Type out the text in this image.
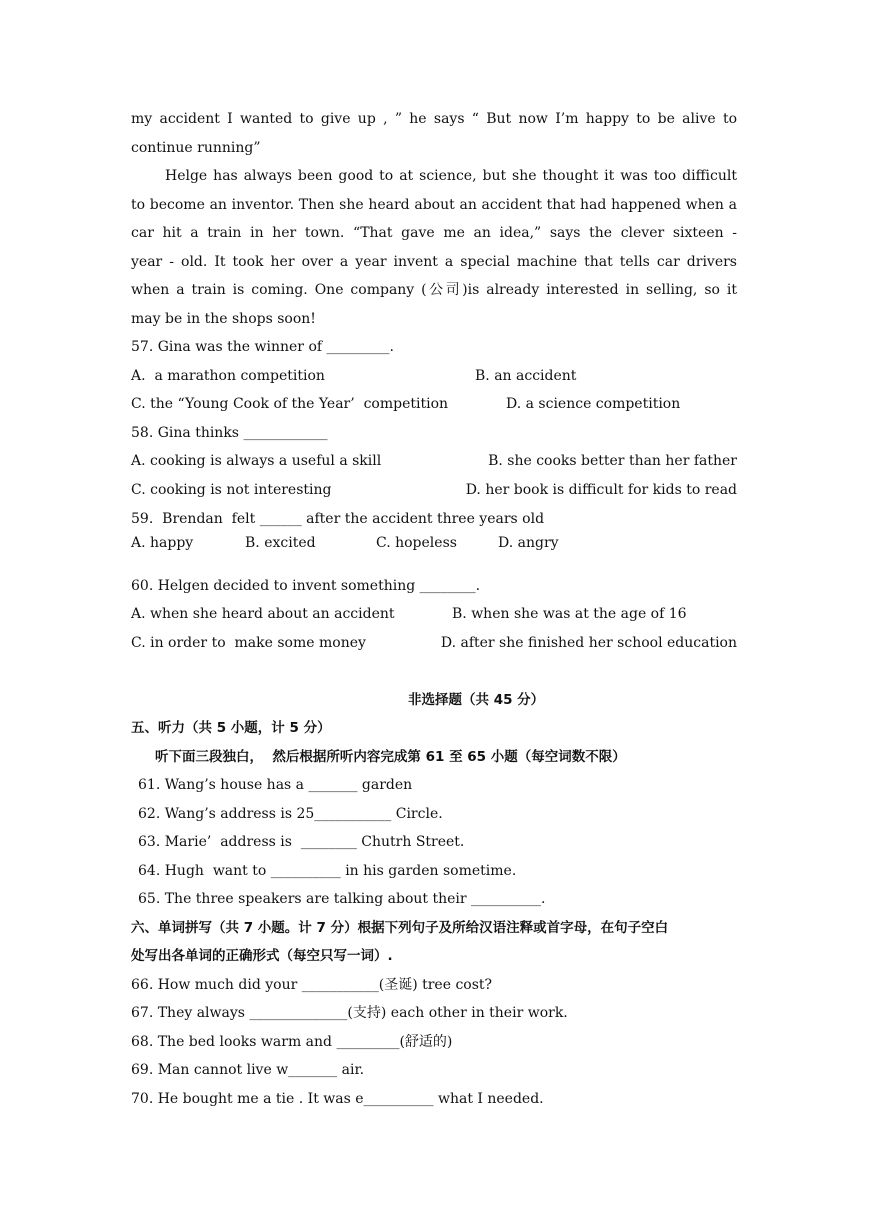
my accident I wanted to give up , ” he says “ But now I’m happy to be alive to
continue running”
Helge has always been good to at science, but she thought it was too difficult
to become an inventor. Then she heard about an accident that had happened when a
car hit a train in her town. “That gave me an idea,” says the clever sixteen -
year - old. It took her over a year invent a special machine that tells car drivers
when a train is coming. One company (公司)is already interested in selling, so it
may be in the shops soon!
57. Gina was the winner of _________.
A.  a marathon competition	B. an accident
C. the “Young Cook of the Year’  competition	D. a science competition
58. Gina thinks ____________
A. cooking is always a useful a skill	B. she cooks better than her father
C. cooking is not interesting	D. her book is difficult for kids to read
59.  Brendan  felt ______ after the accident three years old
A. happy	B. excited	C. hopeless	D. angry
60. Helgen decided to invent something ________.
A. when she heard about an accident	B. when she was at the age of 16
C. in order to  make some money	D. after she finished her school education
非选择题（共 45 分）
五、听力（共 5 小题，计 5 分）
听下面三段独白，  然后根据所听内容完成第 61 至 65 小题（每空词数不限）
61. Wang’s house has a _______ garden
62. Wang’s address is 25___________ Circle.
63. Marie’  address is  ________ Chutrh Street.
64. Hugh  want to __________ in his garden sometime.
65. The three speakers are talking about their __________.
六、单词拼写（共 7 小题。计 7 分）根据下列句子及所给汉语注释或首字母，在句子空白
处写出各单词的正确形式（每空只写一词）.
66. How much did your ___________(圣诞) tree cost?
67. They always ______________(支持) each other in their work.
68. The bed looks warm and _________(舒适的)
69. Man cannot live w_______ air.
70. He bought me a tie . It was e__________ what I needed.
